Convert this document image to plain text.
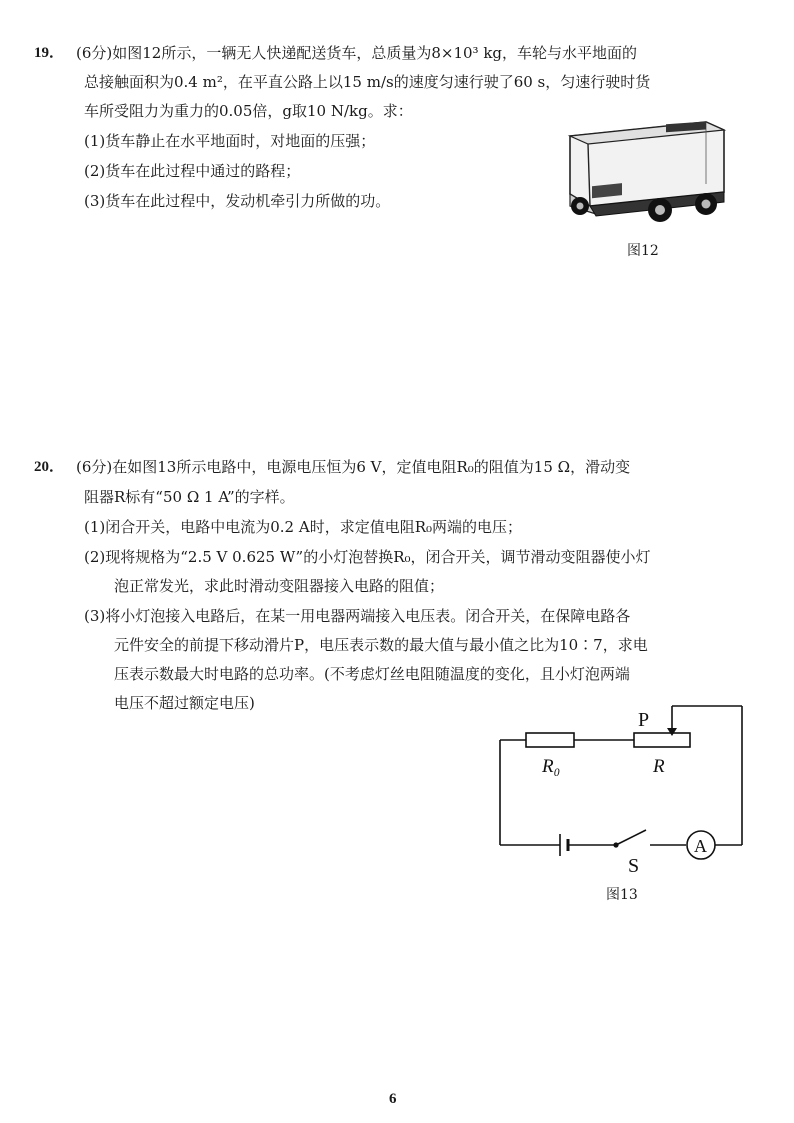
19． (6分)如图12所示，一辆无人快递配送货车，总质量为8×10³ kg，车轮与水平地面的
总接触面积为0.4 m²，在平直公路上以15 m/s的速度匀速行驶了60 s，匀速行驶时货
车所受阻力为重力的0.05倍，g取10 N/kg。求：
(1)货车静止在水平地面时，对地面的压强；
(2)货车在此过程中通过的路程；
(3)货车在此过程中，发动机牵引力所做的功。
图12
20． (6分)在如图13所示电路中，电源电压恒为6 V，定值电阻R₀的阻值为15 Ω，滑动变
阻器R标有“50 Ω 1 A”的字样。
(1)闭合开关，电路中电流为0.2 A时，求定值电阻R₀两端的电压；
(2)现将规格为“2.5 V 0.625 W”的小灯泡替换R₀，闭合开关，调节滑动变阻器使小灯
泡正常发光，求此时滑动变阻器接入电路的阻值；
(3)将小灯泡接入电路后，在某一用电器两端接入电压表。闭合开关，在保障电路各
元件安全的前提下移动滑片P，电压表示数的最大值与最小值之比为10∶7，求电
压表示数最大时电路的总功率。(不考虑灯丝电阻随温度的变化，且小灯泡两端
电压不超过额定电压)
P
R₀	R
S
A
图13
6
